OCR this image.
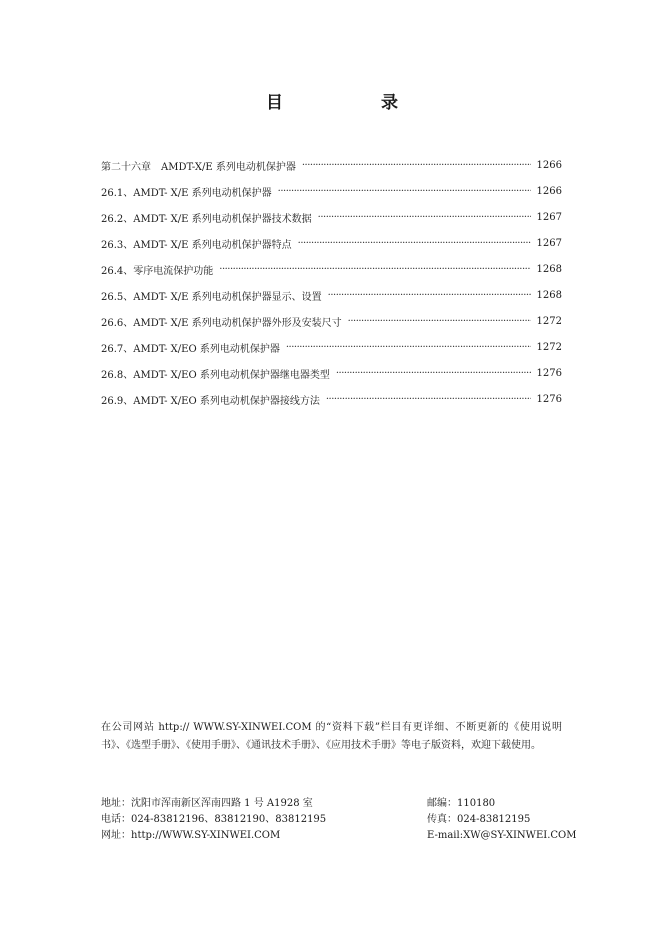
目	录
第二十六章　AMDT-X/E 系列电动机保护器 ·····	1266
26.1、AMDT- X/E 系列电动机保护器 ·····	1266
26.2、AMDT- X/E 系列电动机保护器技术数据 ·····	1267
26.3、AMDT- X/E 系列电动机保护器特点 ·····	1267
26.4、零序电流保护功能 ·····	1268
26.5、AMDT- X/E 系列电动机保护器显示、设置 ·····	1268
26.6、AMDT- X/E 系列电动机保护器外形及安装尺寸 ·····	1272
26.7、AMDT- X/EO 系列电动机保护器 ·····	1272
26.8、AMDT- X/EO 系列电动机保护器继电器类型 ·····	1276
26.9、AMDT- X/EO 系列电动机保护器接线方法 ·····	1276
在公司网站 http:// WWW.SY-XINWEI.COM 的“资料下载”栏目有更详细、不断更新的《使用说明书》、《选型手册》、《使用手册》、《通讯技术手册》、《应用技术手册》等电子版资料，欢迎下载使用。
地址：沈阳市浑南新区浑南四路 1 号 A1928 室	邮编：110180
电话：024-83812196、83812190、83812195	传真：024-83812195
网址：http://WWW.SY-XINWEI.COM	E-mail:XW@SY-XINWEI.COM
